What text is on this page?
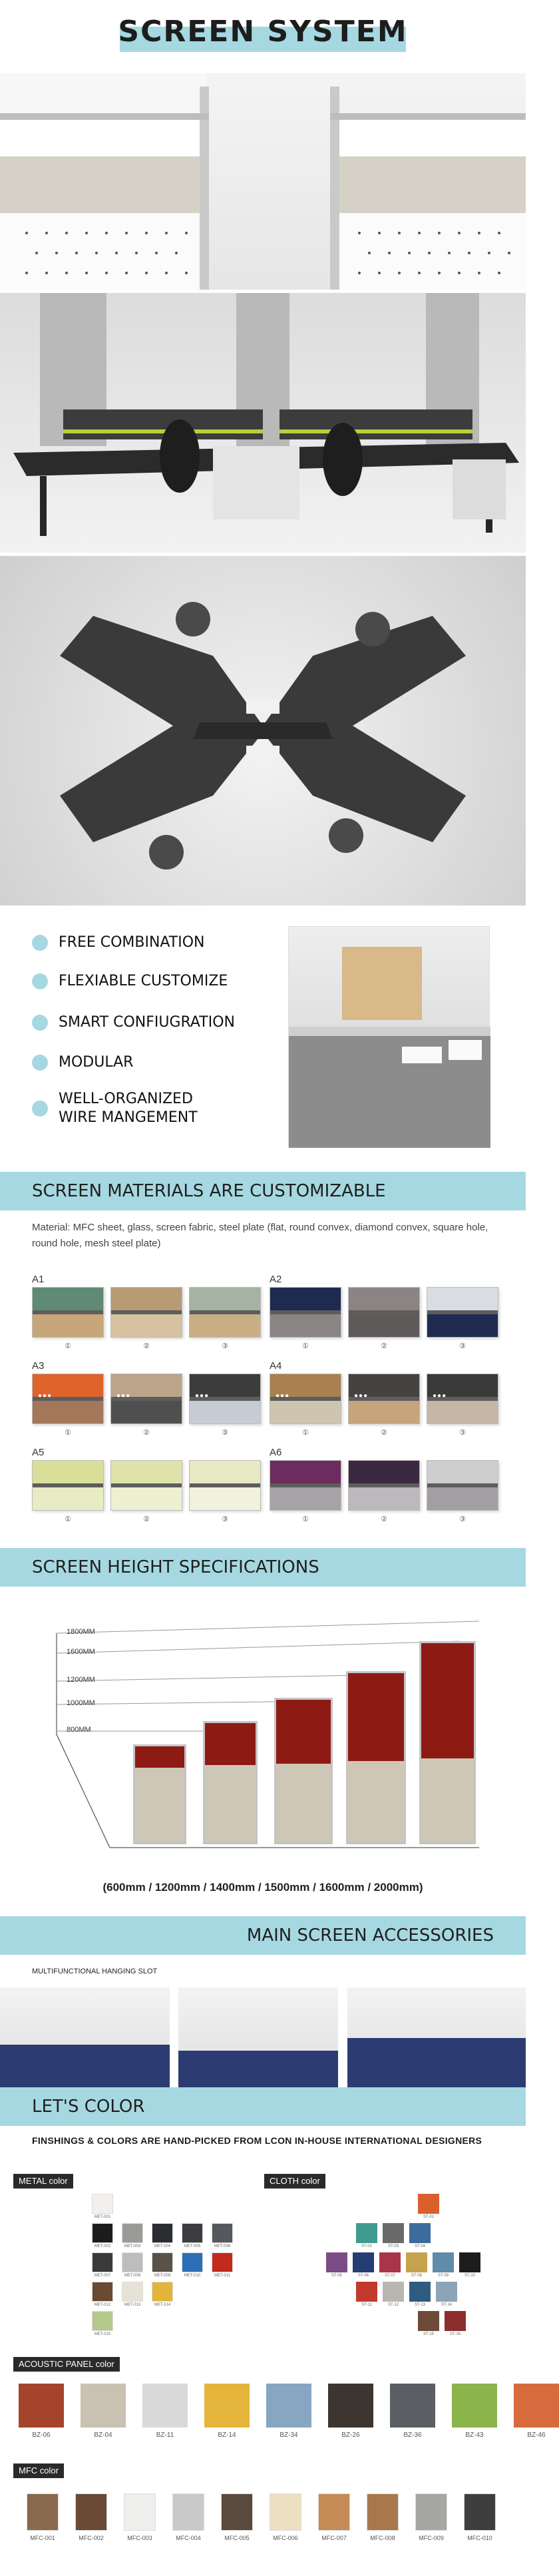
SCREEN SYSTEM
FREE COMBINATION
FLEXIABLE CUSTOMIZE
SMART CONFIUGRATION
MODULAR
WELL-ORGANIZED
WIRE MANGEMENT
SCREEN MATERIALS ARE CUSTOMIZABLE
Material: MFC sheet, glass, screen fabric, steel plate (flat, round convex, diamond convex, square hole, round hole, mesh steel plate)
SCREEN HEIGHT SPECIFICATIONS
1800MM
1600MM
1200MM
1000MM
800MM
(600mm / 1200mm / 1400mm / 1500mm / 1600mm / 2000mm)
MAIN SCREEN ACCESSORIES
MULTIFUNCTIONAL HANGING SLOT
LET'S COLOR
FINSHINGS & COLORS ARE HAND-PICKED FROM LCON IN-HOUSE INTERNATIONAL DESIGNERS
METAL color	CLOTH color
ACOUSTIC PANEL color
MFC color
A1
①	②	③
A2
①	②	③
A3
●●●
①
●●●
②
●●●
③
A4
●●●
①
●●●
②
●●●
③
A5
①	②	③
A6
①	②	③
MET-001
MET-002	MET-003	MET-004	MET-005	MET-006
MET-007	MET-008	MET-009	MET-010	MET-011
MET-012	MET-013	MET-014
MET-015
ST-01
ST-02	ST-03	ST-04
ST-05	ST-06	ST-07	ST-08	ST-09	ST-10
ST-11	ST-12	ST-13	ST-14
ST-15	ST-16
BZ-06	BZ-04	BZ-11	BZ-14	BZ-34	BZ-26	BZ-36	BZ-43	BZ-46
MFC-001	MFC-002	MFC-003	MFC-004	MFC-005	MFC-006	MFC-007	MFC-008	MFC-009	MFC-010
